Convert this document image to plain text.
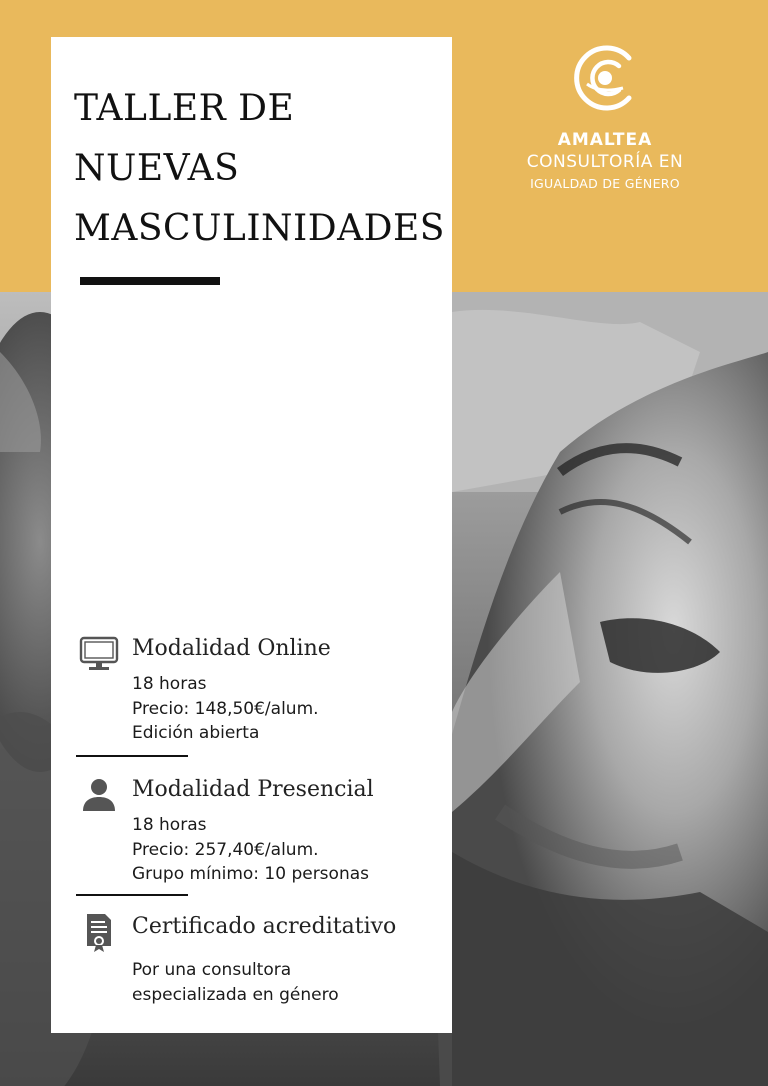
TALLER DE
NUEVAS
MASCULINIDADES
Modalidad Online
18 horas
Precio: 148,50€/alum.
Edición abierta
Modalidad Presencial
18 horas
Precio: 257,40€/alum.
Grupo mínimo: 10 personas
Certificado acreditativo
Por una consultora
especializada en género
AMALTEA
CONSULTORÍA EN
IGUALDAD DE GÉNERO
